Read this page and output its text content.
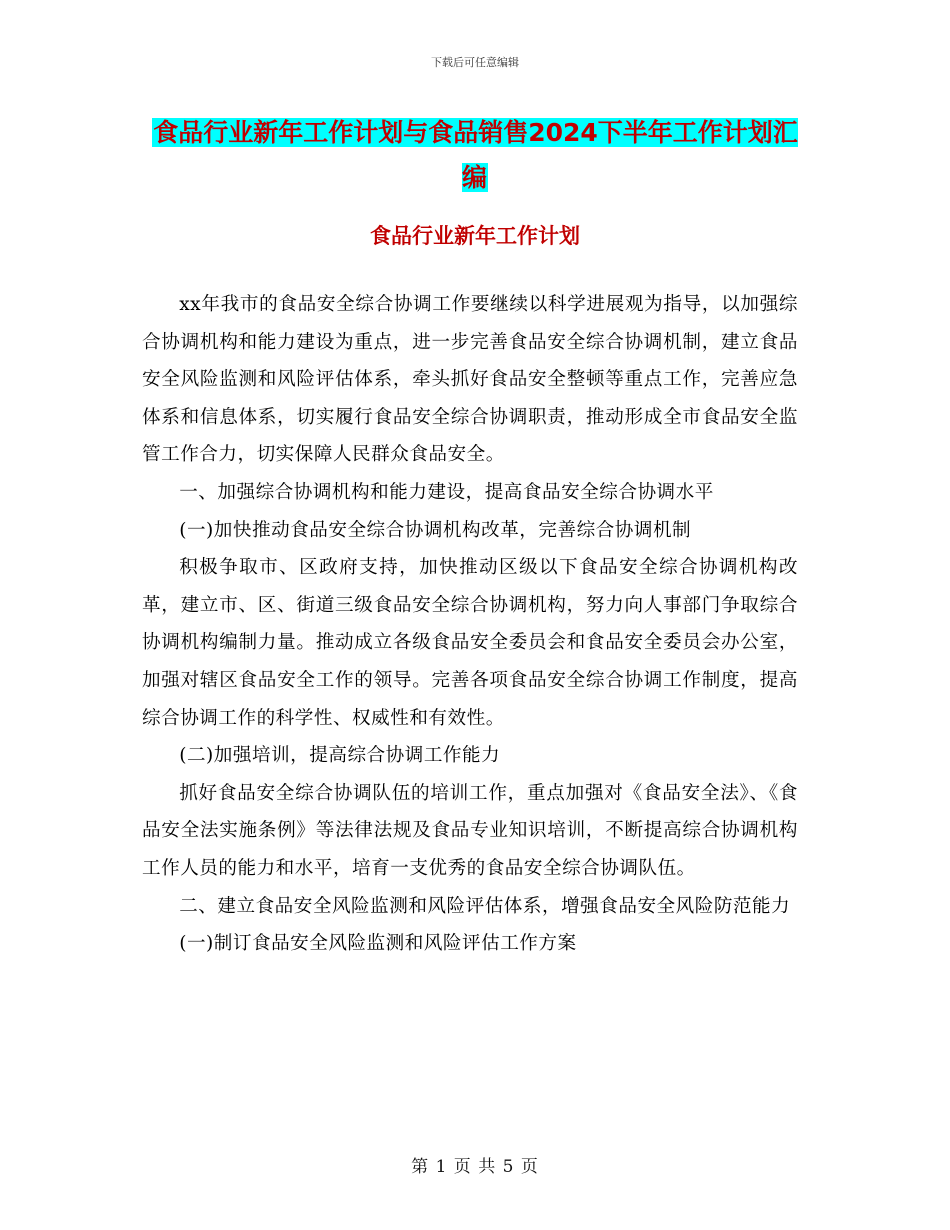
下载后可任意编辑
食品行业新年工作计划与食品销售2024下半年工作计划汇编
食品行业新年工作计划

xx年我市的食品安全综合协调工作要继续以科学进展观为指导，以加强综合协调机构和能力建设为重点，进一步完善食品安全综合协调机制，建立食品安全风险监测和风险评估体系，牵头抓好食品安全整顿等重点工作，完善应急体系和信息体系，切实履行食品安全综合协调职责，推动形成全市食品安全监管工作合力，切实保障人民群众食品安全。

一、加强综合协调机构和能力建设，提高食品安全综合协调水平

(一)加快推动食品安全综合协调机构改革，完善综合协调机制

积极争取市、区政府支持，加快推动区级以下食品安全综合协调机构改革，建立市、区、街道三级食品安全综合协调机构，努力向人事部门争取综合协调机构编制力量。推动成立各级食品安全委员会和食品安全委员会办公室，加强对辖区食品安全工作的领导。完善各项食品安全综合协调工作制度，提高综合协调工作的科学性、权威性和有效性。

(二)加强培训，提高综合协调工作能力

抓好食品安全综合协调队伍的培训工作，重点加强对《食品安全法》、《食品安全法实施条例》等法律法规及食品专业知识培训，不断提高综合协调机构工作人员的能力和水平，培育一支优秀的食品安全综合协调队伍。

二、建立食品安全风险监测和风险评估体系，增强食品安全风险防范能力

(一)制订食品安全风险监测和风险评估工作方案

第 1 页 共 5 页
